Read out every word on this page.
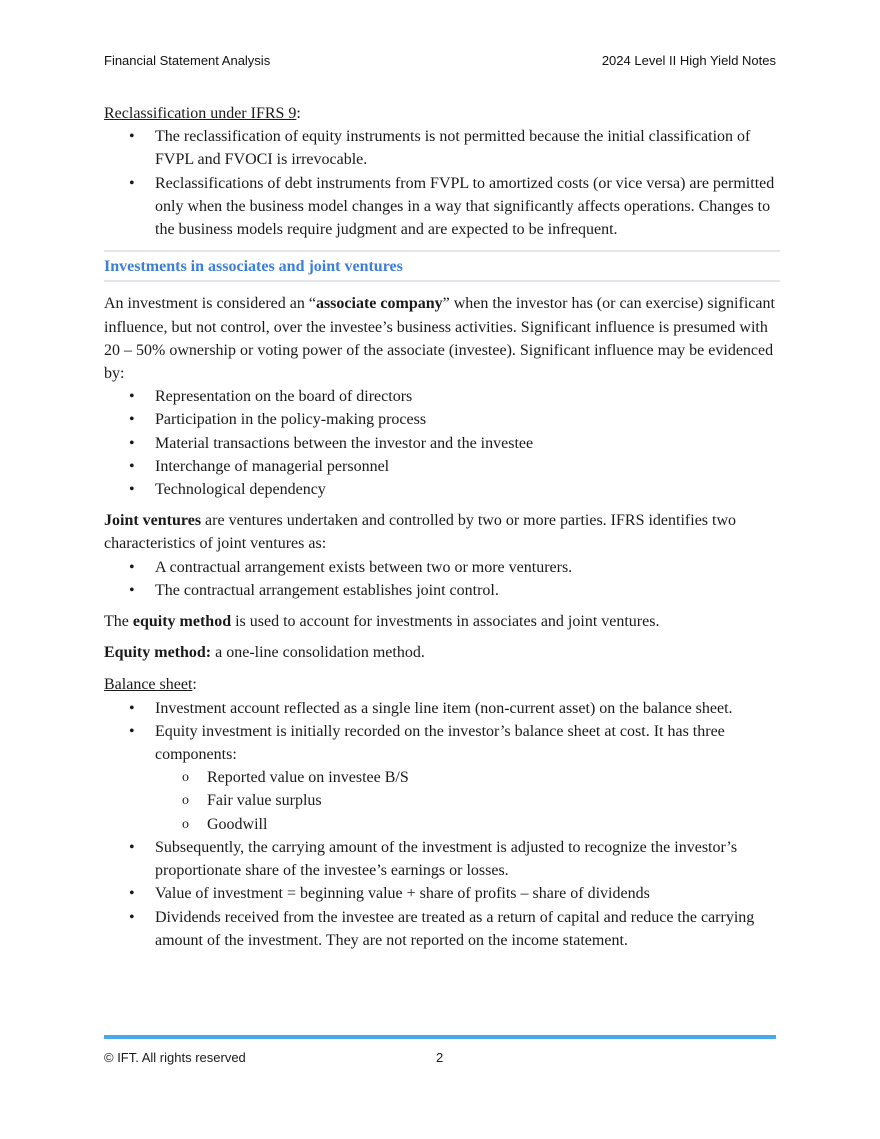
Financial Statement Analysis	2024 Level II High Yield Notes

Reclassification under IFRS 9:

• The reclassification of equity instruments is not permitted because the initial classification of FVPL and FVOCI is irrevocable.
• Reclassifications of debt instruments from FVPL to amortized costs (or vice versa) are permitted only when the business model changes in a way that significantly affects operations. Changes to the business models require judgment and are expected to be infrequent.
Investments in associates and joint ventures

An investment is considered an “associate company” when the investor has (or can exercise) significant influence, but not control, over the investee’s business activities. Significant influence is presumed with 20 – 50% ownership or voting power of the associate (investee). Significant influence may be evidenced by:

• Representation on the board of directors
• Participation in the policy-making process
• Material transactions between the investor and the investee
• Interchange of managerial personnel
• Technological dependency

Joint ventures are ventures undertaken and controlled by two or more parties. IFRS identifies two characteristics of joint ventures as:

• A contractual arrangement exists between two or more venturers.
• The contractual arrangement establishes joint control.

The equity method is used to account for investments in associates and joint ventures.

Equity method: a one-line consolidation method.

Balance sheet:

• Investment account reflected as a single line item (non-current asset) on the balance sheet.
• Equity investment is initially recorded on the investor’s balance sheet at cost. It has three components:
o Reported value on investee B/S
o Fair value surplus
o Goodwill
• Subsequently, the carrying amount of the investment is adjusted to recognize the investor’s proportionate share of the investee’s earnings or losses.
• Value of investment = beginning value + share of profits – share of dividends
• Dividends received from the investee are treated as a return of capital and reduce the carrying amount of the investment. They are not reported on the income statement.
© IFT. All rights reserved	2
